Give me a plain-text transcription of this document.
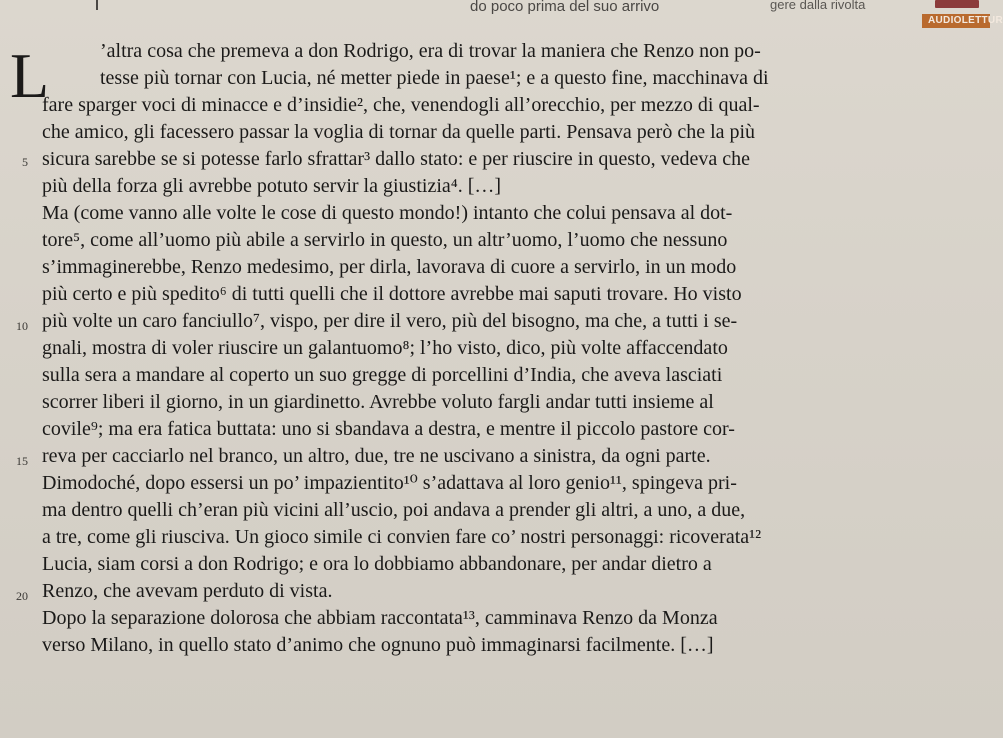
do poco prima del suo arrivo	gere dalla rivolta
AUDIOLETTUR
L
5
10
15
20
’altra cosa che premeva a don Rodrigo, era di trovar la maniera che Renzo non po-
tesse più tornar con Lucia, né metter piede in paese¹; e a questo fine, macchinava di
fare sparger voci di minacce e d’insidie², che, venendogli all’orecchio, per mezzo di qual-
che amico, gli facessero passar la voglia di tornar da quelle parti. Pensava però che la più
sicura sarebbe se si potesse farlo sfrattar³ dallo stato: e per riuscire in questo, vedeva che
più della forza gli avrebbe potuto servir la giustizia⁴. […]
Ma (come vanno alle volte le cose di questo mondo!) intanto che colui pensava al dot-
tore⁵, come all’uomo più abile a servirlo in questo, un altr’uomo, l’uomo che nessuno
s’immaginerebbe, Renzo medesimo, per dirla, lavorava di cuore a servirlo, in un modo
più certo e più spedito⁶ di tutti quelli che il dottore avrebbe mai saputi trovare. Ho visto
più volte un caro fanciullo⁷, vispo, per dire il vero, più del bisogno, ma che, a tutti i se-
gnali, mostra di voler riuscire un galantuomo⁸; l’ho visto, dico, più volte affaccendato
sulla sera a mandare al coperto un suo gregge di porcellini d’India, che aveva lasciati
scorrer liberi il giorno, in un giardinetto. Avrebbe voluto fargli andar tutti insieme al
covile⁹; ma era fatica buttata: uno si sbandava a destra, e mentre il piccolo pastore cor-
reva per cacciarlo nel branco, un altro, due, tre ne uscivano a sinistra, da ogni parte.
Dimodoché, dopo essersi un po’ impazientito¹⁰ s’adattava al loro genio¹¹, spingeva pri-
ma dentro quelli ch’eran più vicini all’uscio, poi andava a prender gli altri, a uno, a due,
a tre, come gli riusciva. Un gioco simile ci convien fare co’ nostri personaggi: ricoverata¹²
Lucia, siam corsi a don Rodrigo; e ora lo dobbiamo abbandonare, per andar dietro a
Renzo, che avevam perduto di vista.
Dopo la separazione dolorosa che abbiam raccontata¹³, camminava Renzo da Monza
verso Milano, in quello stato d’animo che ognuno può immaginarsi facilmente. […]
